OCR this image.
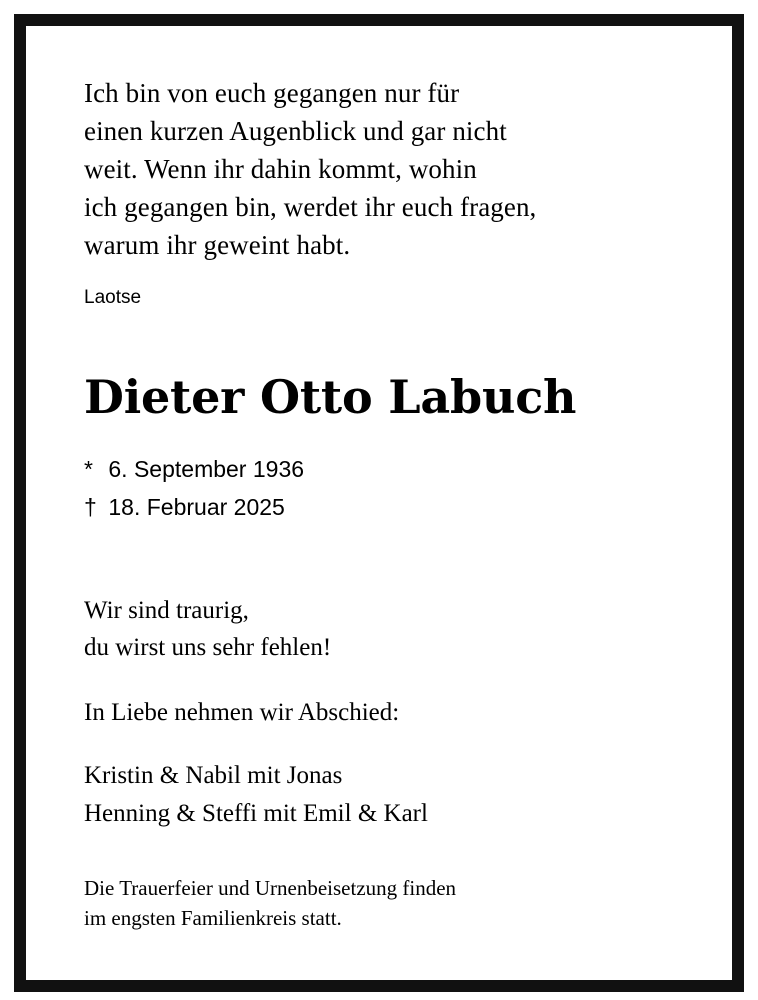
Ich bin von euch gegangen nur für
einen kurzen Augenblick und gar nicht
weit. Wenn ihr dahin kommt, wohin
ich gegangen bin, werdet ihr euch fragen,
warum ihr geweint habt.
Laotse
Dieter Otto Labuch
* 6. September 1936
† 18. Februar 2025
Wir sind traurig,
du wirst uns sehr fehlen!
In Liebe nehmen wir Abschied:
Kristin & Nabil mit Jonas
Henning & Steffi mit Emil & Karl
Die Trauerfeier und Urnenbeisetzung finden
im engsten Familienkreis statt.
